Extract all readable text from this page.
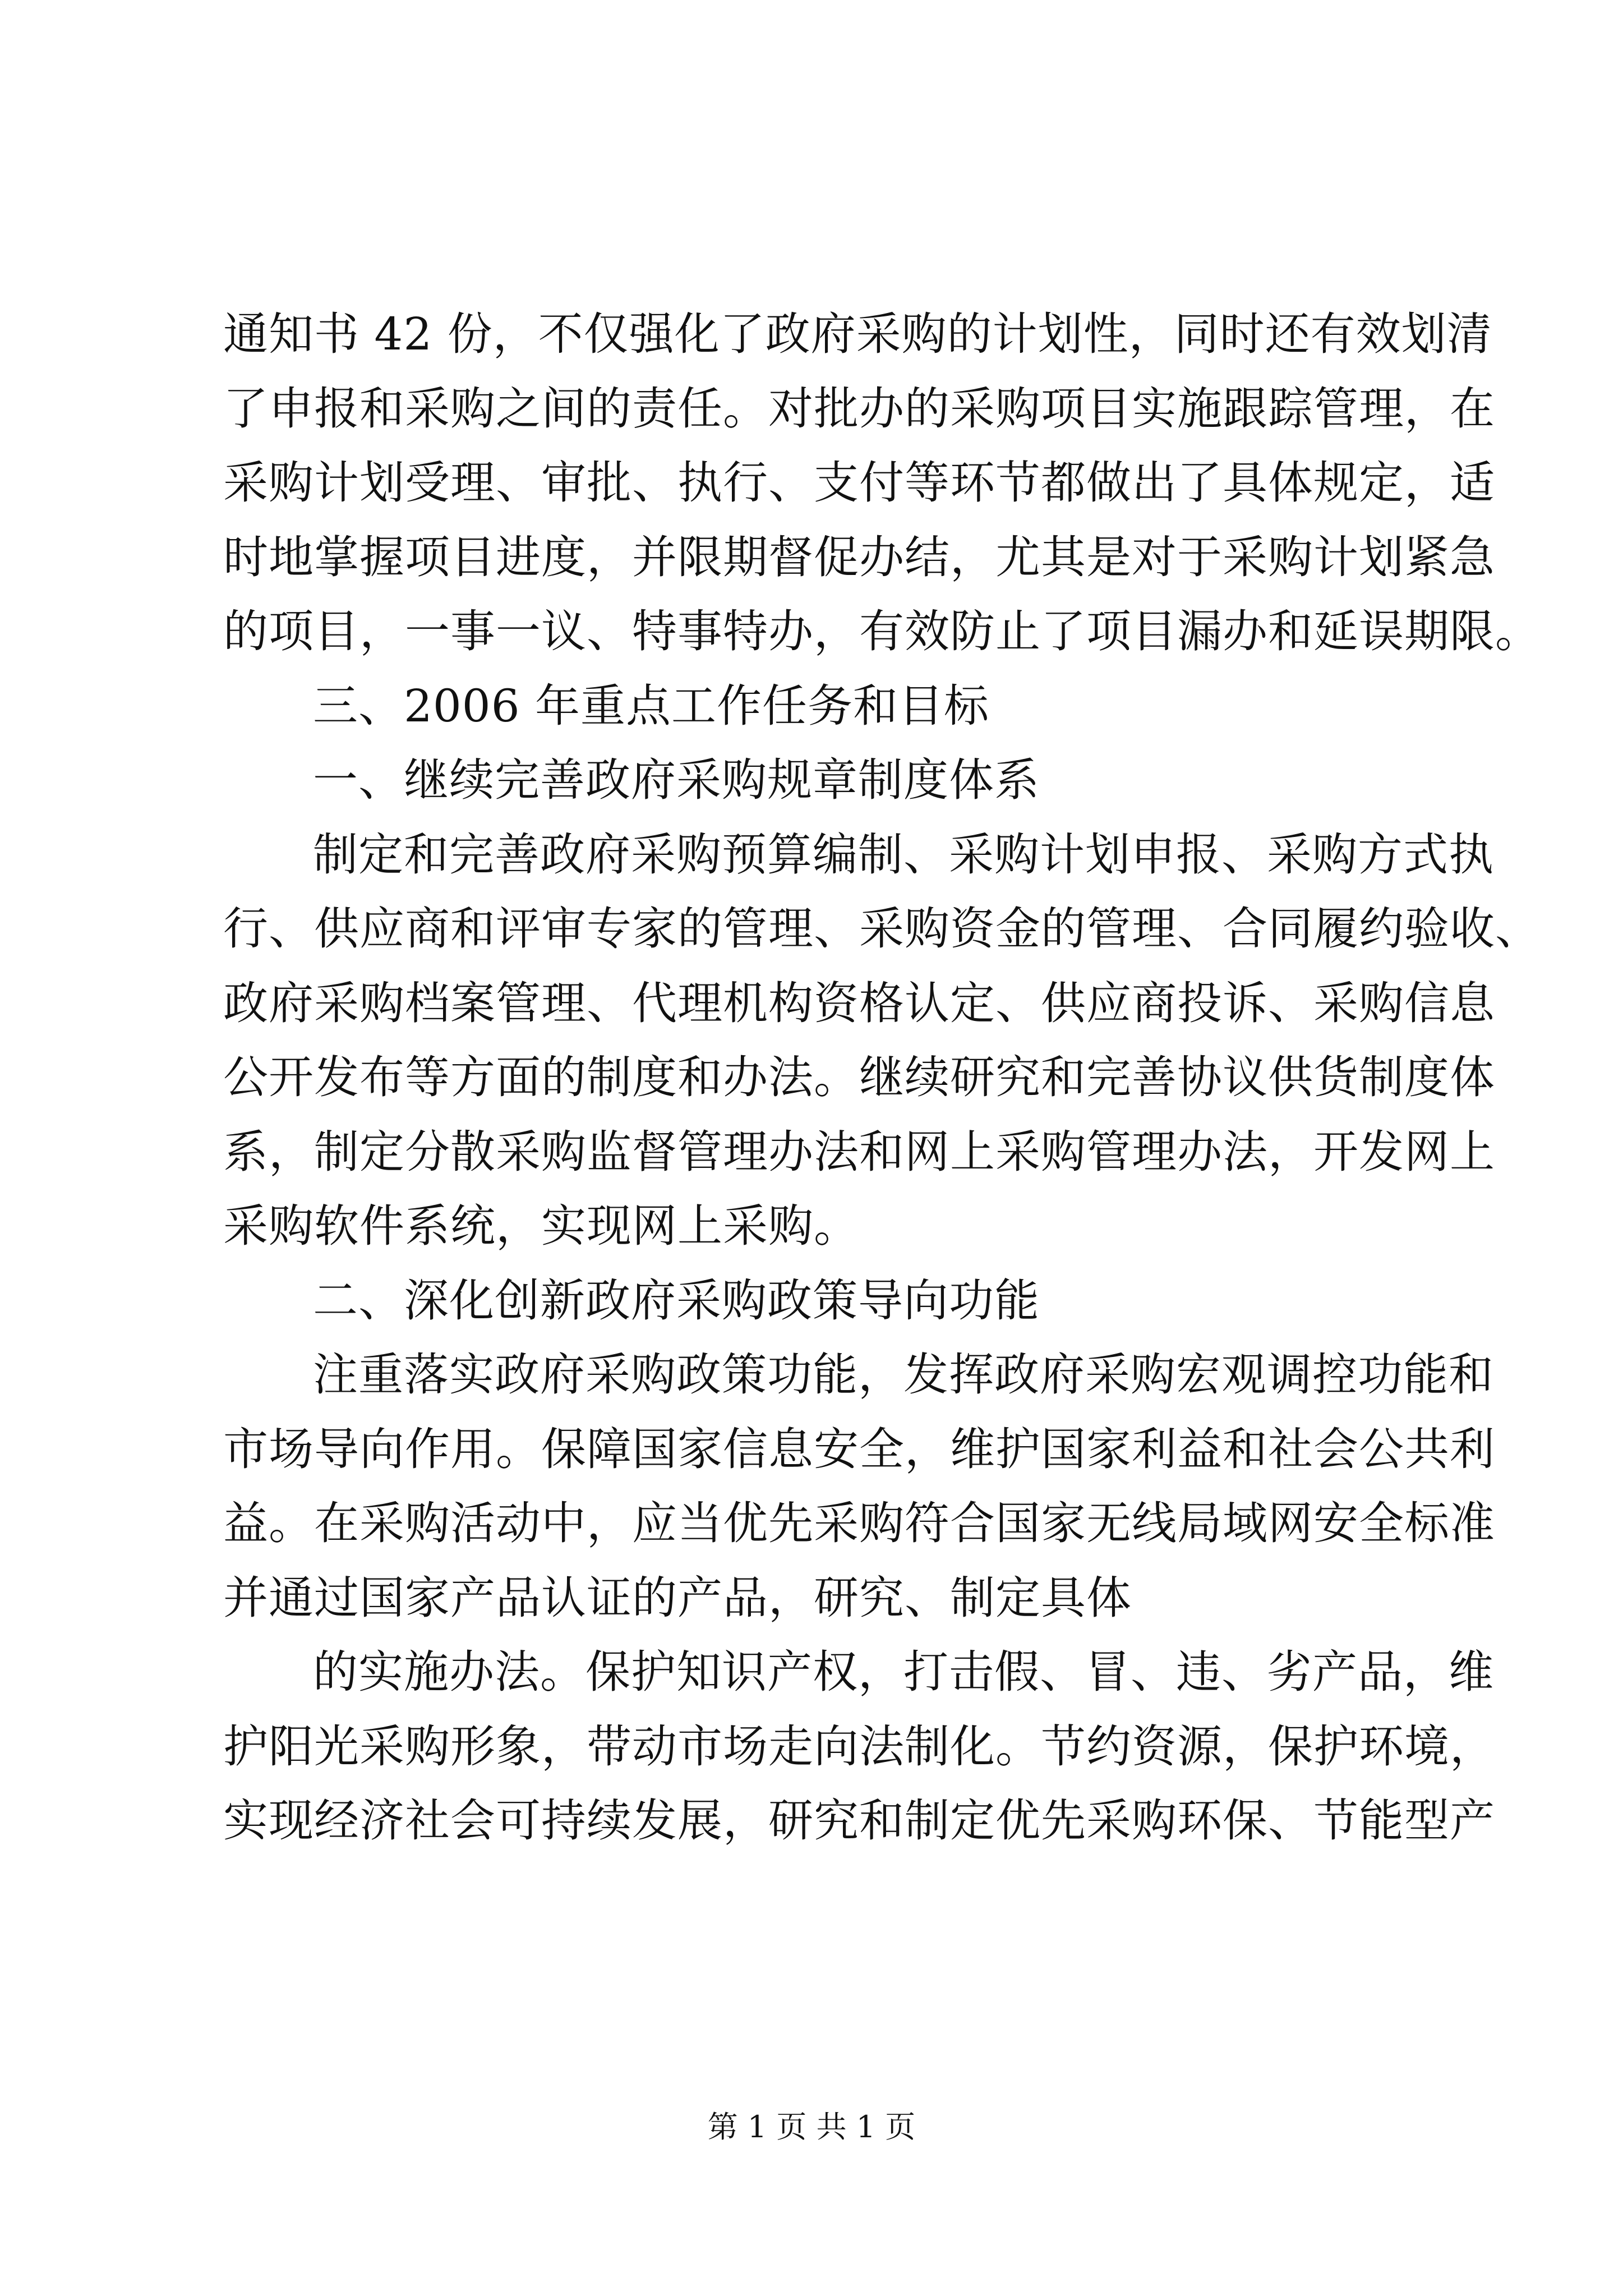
通知书 42 份，不仅强化了政府采购的计划性，同时还有效划清
了申报和采购之间的责任。对批办的采购项目实施跟踪管理，在
采购计划受理、审批、执行、支付等环节都做出了具体规定，适
时地掌握项目进度，并限期督促办结，尤其是对于采购计划紧急
的项目，一事一议、特事特办，有效防止了项目漏办和延误期限。
三、2006 年重点工作任务和目标
一、继续完善政府采购规章制度体系
制定和完善政府采购预算编制、采购计划申报、采购方式执
行、供应商和评审专家的管理、采购资金的管理、合同履约验收、
政府采购档案管理、代理机构资格认定、供应商投诉、采购信息
公开发布等方面的制度和办法。继续研究和完善协议供货制度体
系，制定分散采购监督管理办法和网上采购管理办法，开发网上
采购软件系统，实现网上采购。
二、深化创新政府采购政策导向功能
注重落实政府采购政策功能，发挥政府采购宏观调控功能和
市场导向作用。保障国家信息安全，维护国家利益和社会公共利
益。在采购活动中，应当优先采购符合国家无线局域网安全标准
并通过国家产品认证的产品，研究、制定具体
的实施办法。保护知识产权，打击假、冒、违、劣产品，维
护阳光采购形象，带动市场走向法制化。节约资源，保护环境，
实现经济社会可持续发展，研究和制定优先采购环保、节能型产
第 1 页 共 1 页
